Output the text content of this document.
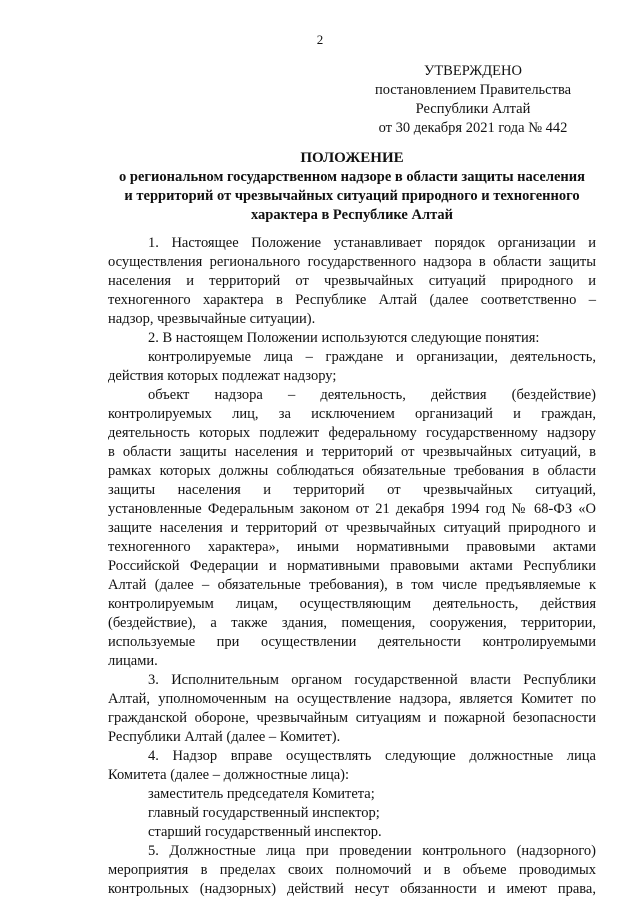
2
УТВЕРЖДЕНО
постановлением Правительства
Республики Алтай
от 30 декабря 2021 года № 442
ПОЛОЖЕНИЕ
о региональном государственном надзоре в области защиты населения
и территорий от чрезвычайных ситуаций природного и техногенного
характера в Республике Алтай
1. Настоящее Положение устанавливает порядок организации и
осуществления регионального государственного надзора в области защиты
населения и территорий от чрезвычайных ситуаций природного и
техногенного характера в Республике Алтай (далее соответственно –
надзор, чрезвычайные ситуации).
2. В настоящем Положении используются следующие понятия:
контролируемые лица – граждане и организации, деятельность,
действия которых подлежат надзору;
объект надзора – деятельность, действия (бездействие)
контролируемых лиц, за исключением организаций и граждан,
деятельность которых подлежит федеральному государственному надзору
в области защиты населения и территорий от чрезвычайных ситуаций, в
рамках которых должны соблюдаться обязательные требования в области
защиты населения и территорий от чрезвычайных ситуаций,
установленные Федеральным законом от 21 декабря 1994 год № 68-ФЗ «О
защите населения и территорий от чрезвычайных ситуаций природного и
техногенного характера», иными нормативными правовыми актами
Российской Федерации и нормативными правовыми актами Республики
Алтай (далее – обязательные требования), в том числе предъявляемые к
контролируемым лицам, осуществляющим деятельность, действия
(бездействие), а также здания, помещения, сооружения, территории,
используемые при осуществлении деятельности контролируемыми
лицами.
3. Исполнительным органом государственной власти Республики
Алтай, уполномоченным на осуществление надзора, является Комитет по
гражданской обороне, чрезвычайным ситуациям и пожарной безопасности
Республики Алтай (далее – Комитет).
4. Надзор вправе осуществлять следующие должностные лица
Комитета (далее – должностные лица):
заместитель председателя Комитета;
главный государственный инспектор;
старший государственный инспектор.
5. Должностные лица при проведении контрольного (надзорного)
мероприятия в пределах своих полномочий и в объеме проводимых
контрольных (надзорных) действий несут обязанности и имеют права,
